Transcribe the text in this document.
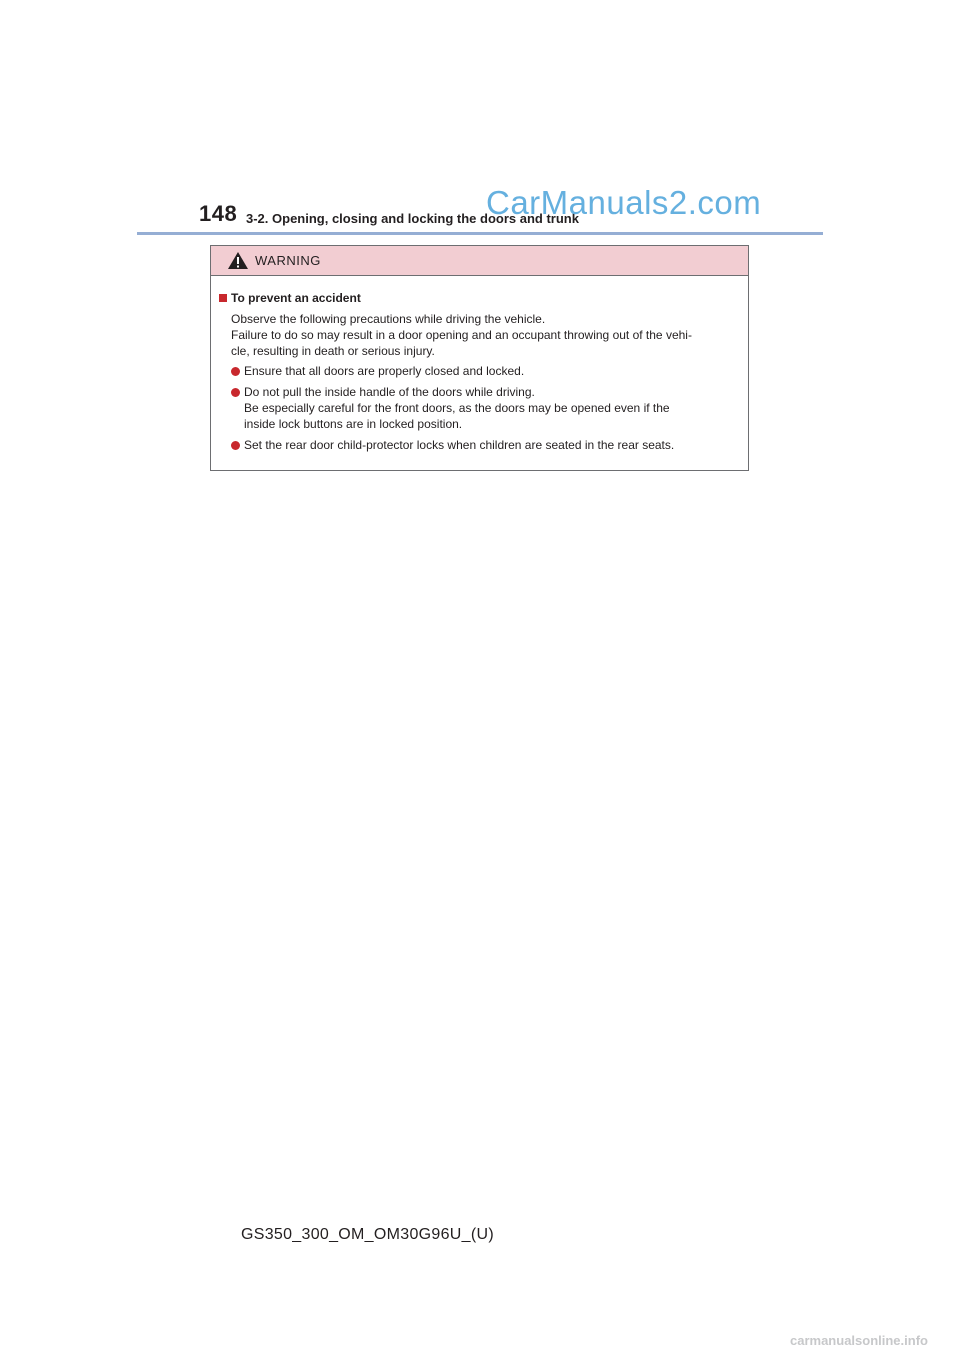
148 3-2. Opening, closing and locking the doors and trunk
CarManuals2.com
WARNING
To prevent an accident
Observe the following precautions while driving the vehicle.
Failure to do so may result in a door opening and an occupant throwing out of the vehi-
cle, resulting in death or serious injury.
Ensure that all doors are properly closed and locked.
Do not pull the inside handle of the doors while driving.
Be especially careful for the front doors, as the doors may be opened even if the
inside lock buttons are in locked position.
Set the rear door child-protector locks when children are seated in the rear seats.
GS350_300_OM_OM30G96U_(U)
carmanualsonline.info
